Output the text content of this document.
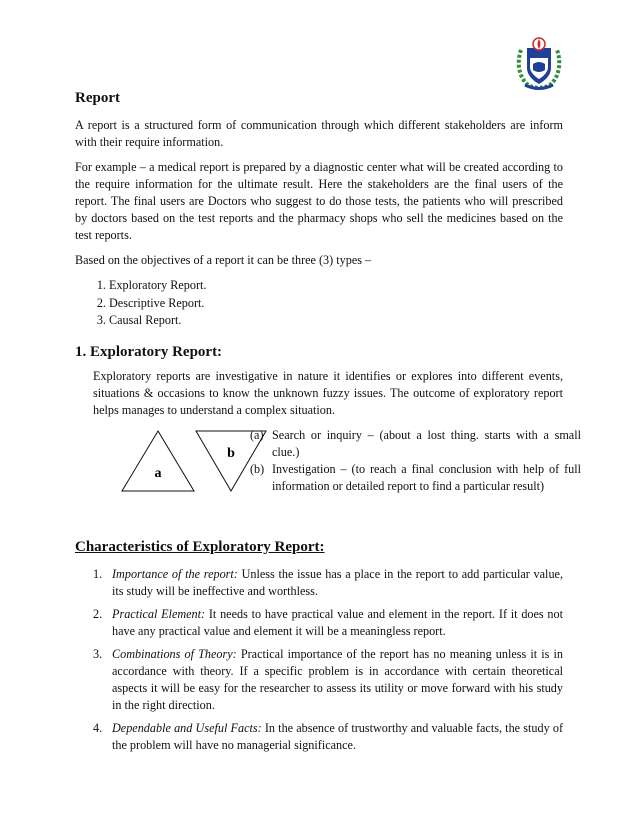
Report

A report is a structured form of communication through which different stakeholders are inform with their require information.

For example – a medical report is prepared by a diagnostic center what will be created according to the require information for the ultimate result. Here the stakeholders are the final users of the report. The final users are Doctors who suggest to do those tests, the patients who will prescribed by doctors based on the test reports and the pharmacy shops who sell the medicines based on the test reports.

Based on the objectives of a report it can be three (3) types –

1. Exploratory Report.
2. Descriptive Report.
3. Causal Report.
1. Exploratory Report:

Exploratory reports are investigative in nature it identifies or explores into different events, situations & occasions to know the unknown fuzzy issues. The outcome of exploratory report helps manages to understand a complex situation.

a
b
(a) Search or inquiry – (about a lost thing. starts with a small clue.)
(b) Investigation – (to reach a final conclusion with help of full information or detailed report to find a particular result)
Characteristics of Exploratory Report:
1. Importance of the report: Unless the issue has a place in the report to add particular value, its study will be ineffective and worthless.
2. Practical Element: It needs to have practical value and element in the report. If it does not have any practical value and element it will be a meaningless report.
3. Combinations of Theory: Practical importance of the report has no meaning unless it is in accordance with theory. If a specific problem is in accordance with certain theoretical aspects it will be easy for the researcher to assess its utility or move forward with his study in the right direction.
4. Dependable and Useful Facts: In the absence of trustworthy and valuable facts, the study of the problem will have no managerial significance.
